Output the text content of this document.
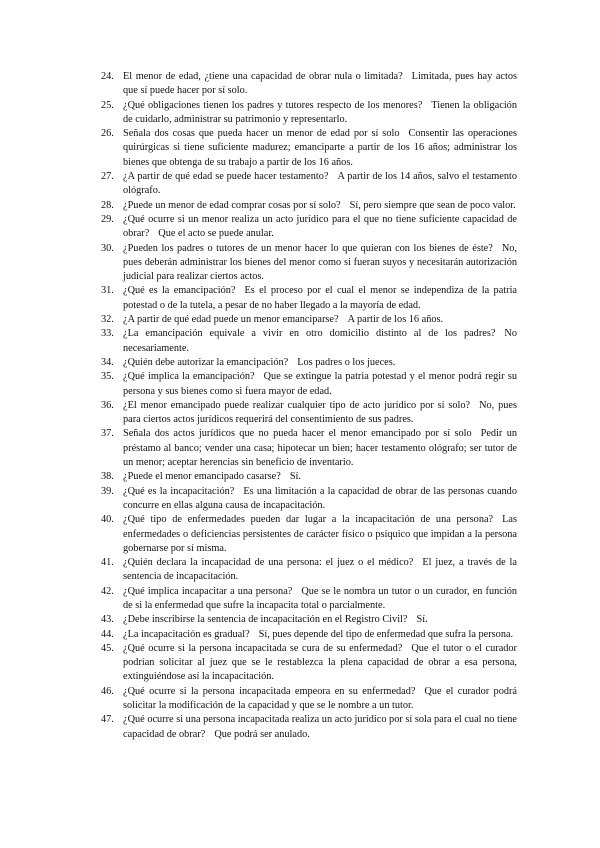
24. El menor de edad, ¿tiene una capacidad de obrar nula o limitada? Limitada, pues hay actos que sí puede hacer por sí solo.
25. ¿Qué obligaciones tienen los padres y tutores respecto de los menores? Tienen la obligación de cuidarlo, administrar su patrimonio y representarlo.
26. Señala dos cosas que pueda hacer un menor de edad por sí solo Consentir las operaciones quirúrgicas si tiene suficiente madurez; emanciparte a partir de los 16 años; administrar los bienes que obtenga de su trabajo a partir de los 16 años.
27. ¿A partir de qué edad se puede hacer testamento? A partir de los 14 años, salvo el testamento ológrafo.
28. ¿Puede un menor de edad comprar cosas por sí solo? Sí, pero siempre que sean de poco valor.
29. ¿Qué ocurre si un menor realiza un acto jurídico para el que no tiene suficiente capacidad de obrar? Que el acto se puede anular.
30. ¿Pueden los padres o tutores de un menor hacer lo que quieran con los bienes de éste? No, pues deberán administrar los bienes del menor como si fueran suyos y necesitarán autorización judicial para realizar ciertos actos.
31. ¿Qué es la emancipación? Es el proceso por el cual el menor se independiza de la patria potestad o de la tutela, a pesar de no haber llegado a la mayoría de edad.
32. ¿A partir de qué edad puede un menor emanciparse? A partir de los 16 años.
33. ¿La emancipación equivale a vivir en otro domicilio distinto al de los padres? No necesariamente.
34. ¿Quién debe autorizar la emancipación? Los padres o los jueces.
35. ¿Qué implica la emancipación? Que se extingue la patria potestad y el menor podrá regir su persona y sus bienes como si fuera mayor de edad.
36. ¿El menor emancipado puede realizar cualquier tipo de acto jurídico por sí solo? No, pues para ciertos actos jurídicos requerirá del consentimiento de sus padres.
37. Señala dos actos jurídicos que no pueda hacer el menor emancipado por sí solo Pedir un préstamo al banco; vender una casa; hipotecar un bien; hacer testamento ológrafo; ser tutor de un menor; aceptar herencias sin beneficio de inventario.
38. ¿Puede el menor emancipado casarse? Sí.
39. ¿Qué es la incapacitación? Es una limitación a la capacidad de obrar de las personas cuando concurre en ellas alguna causa de incapacitación.
40. ¿Qué tipo de enfermedades pueden dar lugar a la incapacitación de una persona? Las enfermedades o deficiencias persistentes de carácter físico o psíquico que impidan a la persona gobernarse por sí misma.
41. ¿Quién declara la incapacidad de una persona: el juez o el médico? El juez, a través de la sentencia de incapacitación.
42. ¿Qué implica incapacitar a una persona? Que se le nombra un tutor o un curador, en función de si la enfermedad que sufre la incapacita total o parcialmente.
43. ¿Debe inscribirse la sentencia de incapacitación en el Registro Civil? Sí.
44. ¿La incapacitación es gradual? Sí, pues depende del tipo de enfermedad que sufra la persona.
45. ¿Qué ocurre si la persona incapacitada se cura de su enfermedad? Que el tutor o el curador podrían solicitar al juez que se le restablezca la plena capacidad de obrar a esa persona, extinguiéndose así la incapacitación.
46. ¿Qué ocurre si la persona incapacitada empeora en su enfermedad? Que el curador podrá solicitar la modificación de la capacidad y que se le nombre a un tutor.
47. ¿Qué ocurre si una persona incapacitada realiza un acto jurídico por sí sola para el cual no tiene capacidad de obrar? Que podrá ser anulado.
